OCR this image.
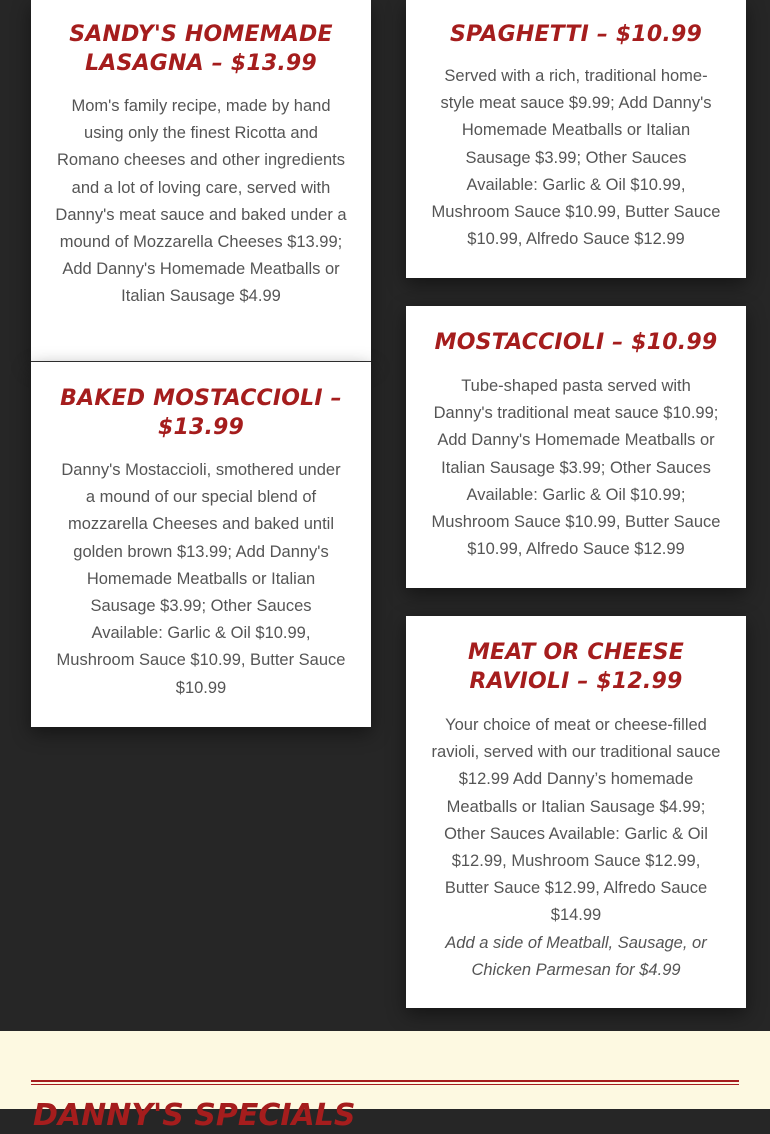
SANDY'S HOMEMADE LASAGNA – $13.99

Mom's family recipe, made by hand using only the finest Ricotta and Romano cheeses and other ingredients and a lot of loving care, served with Danny's meat sauce and baked under a mound of Mozzarella Cheeses $13.99; Add Danny's Homemade Meatballs or Italian Sausage $4.99

BAKED MOSTACCIOLI – $13.99

Danny's Mostaccioli, smothered under a mound of our special blend of mozzarella Cheeses and baked until golden brown $13.99; Add Danny's Homemade Meatballs or Italian Sausage $3.99; Other Sauces Available: Garlic & Oil $10.99, Mushroom Sauce $10.99, Butter Sauce $10.99

SPAGHETTI – $10.99

Served with a rich, traditional home-style meat sauce $9.99; Add Danny's Homemade Meatballs or Italian Sausage $3.99; Other Sauces Available: Garlic & Oil $10.99, Mushroom Sauce $10.99, Butter Sauce $10.99, Alfredo Sauce $12.99

MOSTACCIOLI – $10.99

Tube-shaped pasta served with Danny's traditional meat sauce $10.99; Add Danny's Homemade Meatballs or Italian Sausage $3.99; Other Sauces Available: Garlic & Oil $10.99; Mushroom Sauce $10.99, Butter Sauce $10.99, Alfredo Sauce $12.99

MEAT OR CHEESE RAVIOLI – $12.99

Your choice of meat or cheese-filled ravioli, served with our traditional sauce $12.99 Add Danny’s homemade Meatballs or Italian Sausage $4.99; Other Sauces Available: Garlic & Oil $12.99, Mushroom Sauce $12.99, Butter Sauce $12.99, Alfredo Sauce $14.99

Add a side of Meatball, Sausage, or Chicken Parmesan for $4.99

DANNY'S SPECIALS
